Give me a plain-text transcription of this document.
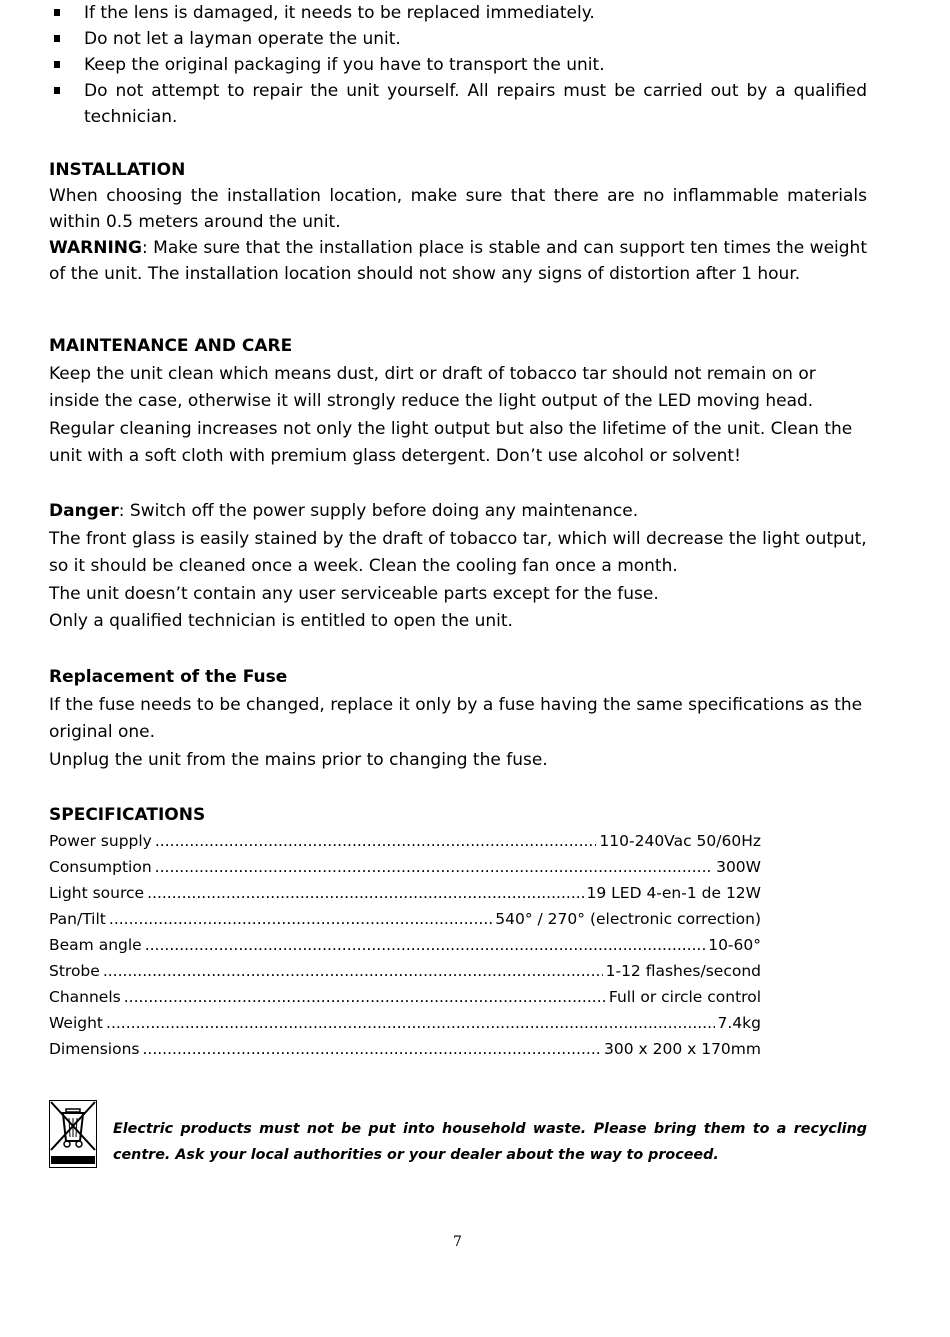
If the lens is damaged, it needs to be replaced immediately.
Do not let a layman operate the unit.
Keep the original packaging if you have to transport the unit.
Do not attempt to repair the unit yourself. All repairs must be carried out by a qualified technician.
INSTALLATION
When choosing the installation location, make sure that there are no inflammable materials within 0.5 meters around the unit.
WARNING: Make sure that the installation place is stable and can support ten times the weight of the unit. The installation location should not show any signs of distortion after 1 hour.
MAINTENANCE AND CARE
Keep the unit clean which means dust, dirt or draft of tobacco tar should not remain on or inside the case, otherwise it will strongly reduce the light output of the LED moving head. Regular cleaning increases not only the light output but also the lifetime of the unit. Clean the unit with a soft cloth with premium glass detergent. Don’t use alcohol or solvent!
Danger: Switch off the power supply before doing any maintenance.
The front glass is easily stained by the draft of tobacco tar, which will decrease the light output, so it should be cleaned once a week. Clean the cooling fan once a month.
The unit doesn’t contain any user serviceable parts except for the fuse.
Only a qualified technician is entitled to open the unit.
Replacement of the Fuse
If the fuse needs to be changed, replace it only by a fuse having the same specifications as the original one.
Unplug the unit from the mains prior to changing the fuse.
SPECIFICATIONS
Power supply .....	110-240Vac 50/60Hz
Consumption .....	300W
Light source .....	19 LED 4-en-1 de 12W
Pan/Tilt .....	540° / 270° (electronic correction)
Beam angle .....	10-60°
Strobe .....	1-12 flashes/second
Channels .....	Full or circle control
Weight .....	7.4kg
Dimensions .....	300 x 200 x 170mm
Electric products must not be put into household waste. Please bring them to a recycling centre. Ask your local authorities or your dealer about the way to proceed.
7
